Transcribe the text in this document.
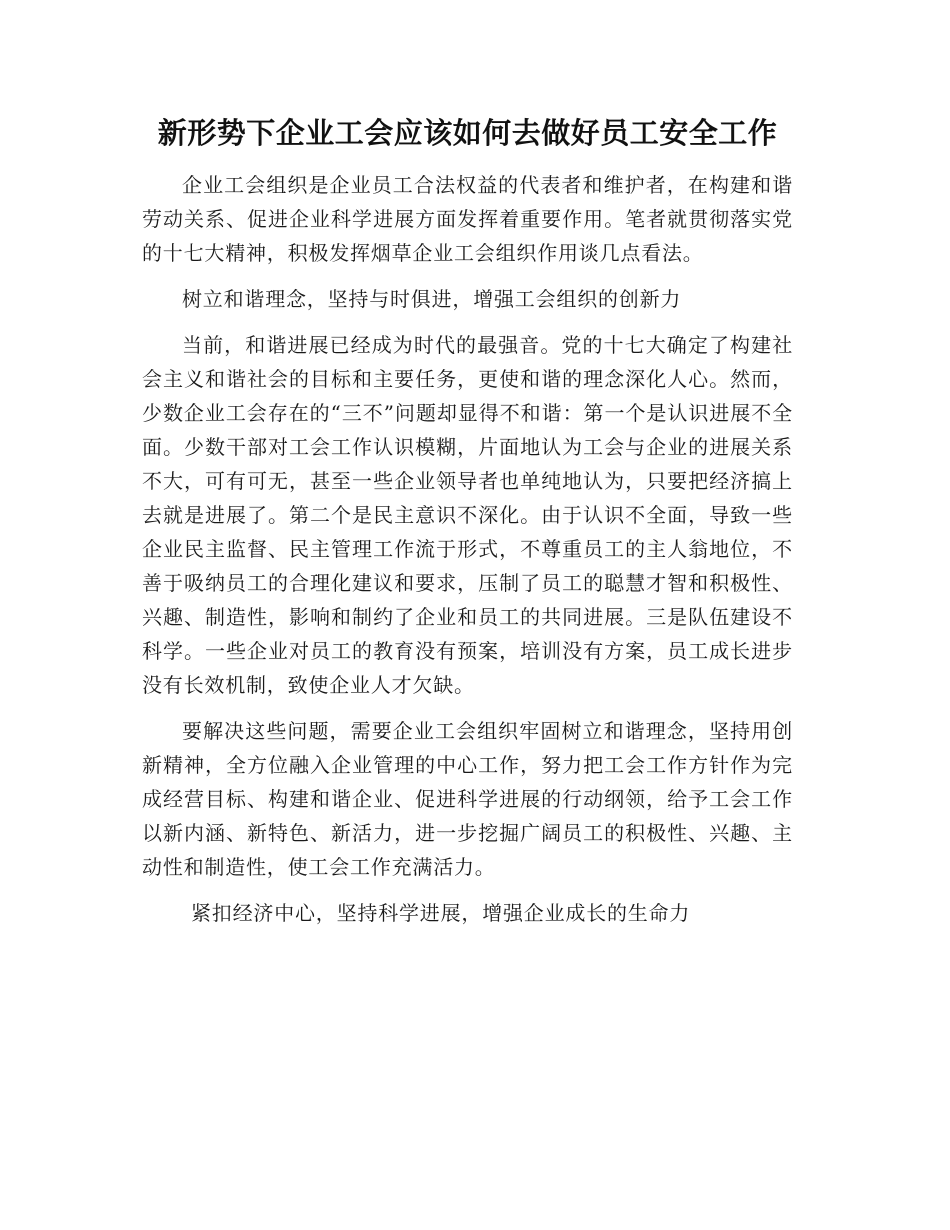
新形势下企业工会应该如何去做好员工安全工作

企业工会组织是企业员工合法权益的代表者和维护者，在构建和谐劳动关系、促进企业科学进展方面发挥着重要作用。笔者就贯彻落实党的十七大精神，积极发挥烟草企业工会组织作用谈几点看法。

树立和谐理念，坚持与时俱进，增强工会组织的创新力

当前，和谐进展已经成为时代的最强音。党的十七大确定了构建社会主义和谐社会的目标和主要任务，更使和谐的理念深化人心。然而，少数企业工会存在的“三不”问题却显得不和谐：第一个是认识进展不全面。少数干部对工会工作认识模糊，片面地认为工会与企业的进展关系不大，可有可无，甚至一些企业领导者也单纯地认为，只要把经济搞上去就是进展了。第二个是民主意识不深化。由于认识不全面，导致一些企业民主监督、民主管理工作流于形式，不尊重员工的主人翁地位，不善于吸纳员工的合理化建议和要求，压制了员工的聪慧才智和积极性、兴趣、制造性，影响和制约了企业和员工的共同进展。三是队伍建设不科学。一些企业对员工的教育没有预案，培训没有方案，员工成长进步没有长效机制，致使企业人才欠缺。

要解决这些问题，需要企业工会组织牢固树立和谐理念，坚持用创新精神，全方位融入企业管理的中心工作，努力把工会工作方针作为完成经营目标、构建和谐企业、促进科学进展的行动纲领，给予工会工作以新内涵、新特色、新活力，进一步挖掘广阔员工的积极性、兴趣、主动性和制造性，使工会工作充满活力。

紧扣经济中心，坚持科学进展，增强企业成长的生命力
